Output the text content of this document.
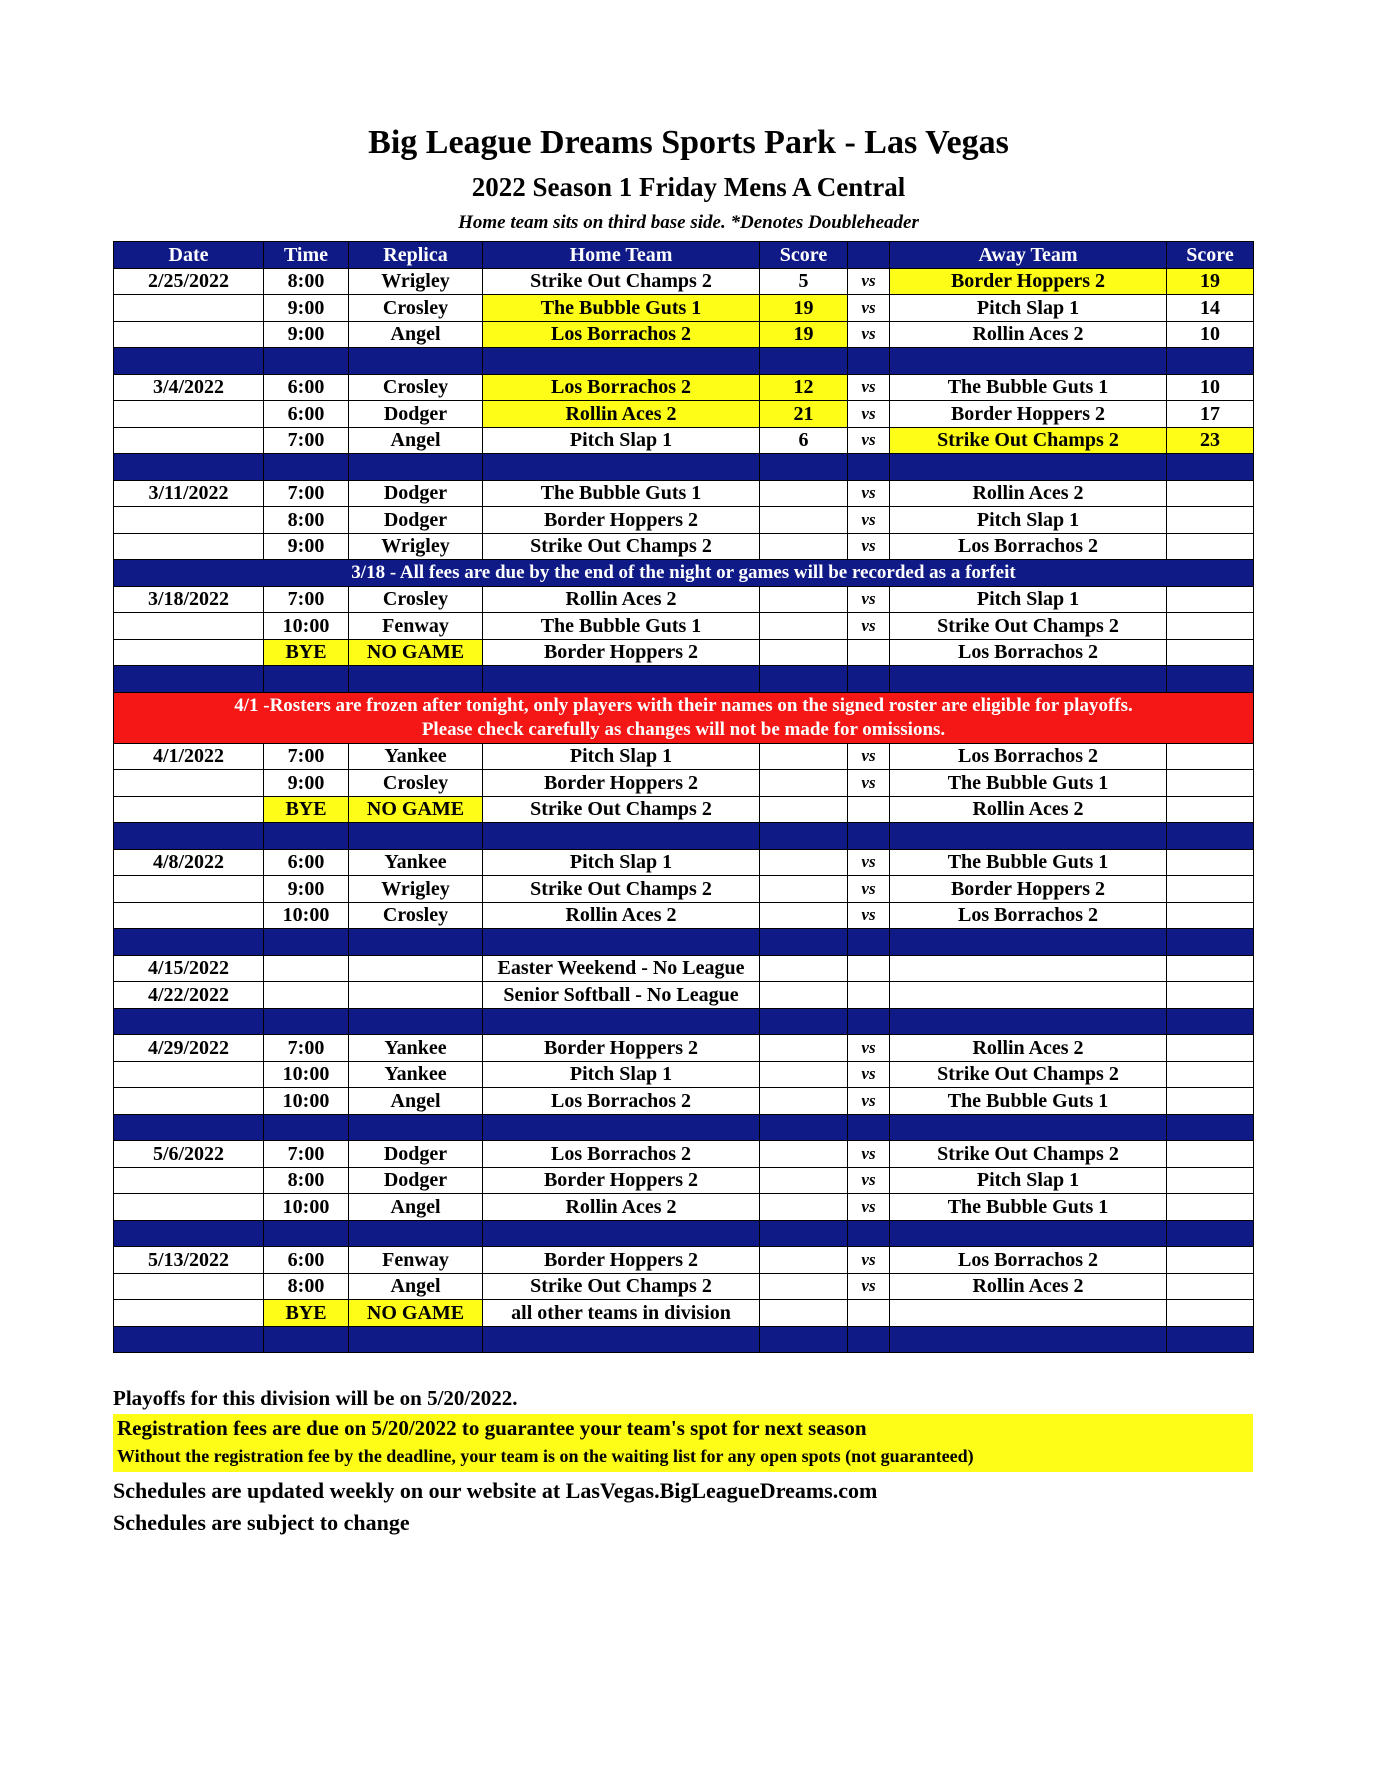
Big League Dreams Sports Park - Las Vegas
2022 Season 1 Friday Mens A Central
Home team sits on third base side. *Denotes Doubleheader
Date	Time	Replica	Home Team	Score		Away Team	Score
2/25/2022	8:00	Wrigley	Strike Out Champs 2	5	vs	Border Hoppers 2	19
	9:00	Crosley	The Bubble Guts 1	19	vs	Pitch Slap 1	14
	9:00	Angel	Los Borrachos 2	19	vs	Rollin Aces 2	10

3/4/2022	6:00	Crosley	Los Borrachos 2	12	vs	The Bubble Guts 1	10
	6:00	Dodger	Rollin Aces 2	21	vs	Border Hoppers 2	17
	7:00	Angel	Pitch Slap 1	6	vs	Strike Out Champs 2	23

3/11/2022	7:00	Dodger	The Bubble Guts 1		vs	Rollin Aces 2	
	8:00	Dodger	Border Hoppers 2		vs	Pitch Slap 1	
	9:00	Wrigley	Strike Out Champs 2		vs	Los Borrachos 2	
3/18 - All fees are due by the end of the night or games will be recorded as a forfeit							
3/18/2022	7:00	Crosley	Rollin Aces 2		vs	Pitch Slap 1	
	10:00	Fenway	The Bubble Guts 1		vs	Strike Out Champs 2	
	BYE	NO GAME	Border Hoppers 2			Los Borrachos 2	

4/1 -Rosters are frozen after tonight, only players with their names on the signed roster are eligible for playoffs.
Please check carefully as changes will not be made for omissions.							

4/1/2022	7:00	Yankee	Pitch Slap 1		vs	Los Borrachos 2	
	9:00	Crosley	Border Hoppers 2		vs	The Bubble Guts 1	
	BYE	NO GAME	Strike Out Champs 2			Rollin Aces 2	

4/8/2022	6:00	Yankee	Pitch Slap 1		vs	The Bubble Guts 1	
	9:00	Wrigley	Strike Out Champs 2		vs	Border Hoppers 2	
	10:00	Crosley	Rollin Aces 2		vs	Los Borrachos 2	

4/15/2022			Easter Weekend - No League				
4/22/2022			Senior Softball - No League				

4/29/2022	7:00	Yankee	Border Hoppers 2		vs	Rollin Aces 2	
	10:00	Yankee	Pitch Slap 1		vs	Strike Out Champs 2	
	10:00	Angel	Los Borrachos 2		vs	The Bubble Guts 1	

5/6/2022	7:00	Dodger	Los Borrachos 2		vs	Strike Out Champs 2	
	8:00	Dodger	Border Hoppers 2		vs	Pitch Slap 1	
	10:00	Angel	Rollin Aces 2		vs	The Bubble Guts 1	

5/13/2022	6:00	Fenway	Border Hoppers 2		vs	Los Borrachos 2	
	8:00	Angel	Strike Out Champs 2		vs	Rollin Aces 2	
	BYE	NO GAME	all other teams in division				

Playoffs for this division will be on 5/20/2022.
Registration fees are due on 5/20/2022 to guarantee your team's spot for next season
Without the registration fee by the deadline, your team is on the waiting list for any open spots (not guaranteed)
Schedules are updated weekly on our website at LasVegas.BigLeagueDreams.com
Schedules are subject to change
